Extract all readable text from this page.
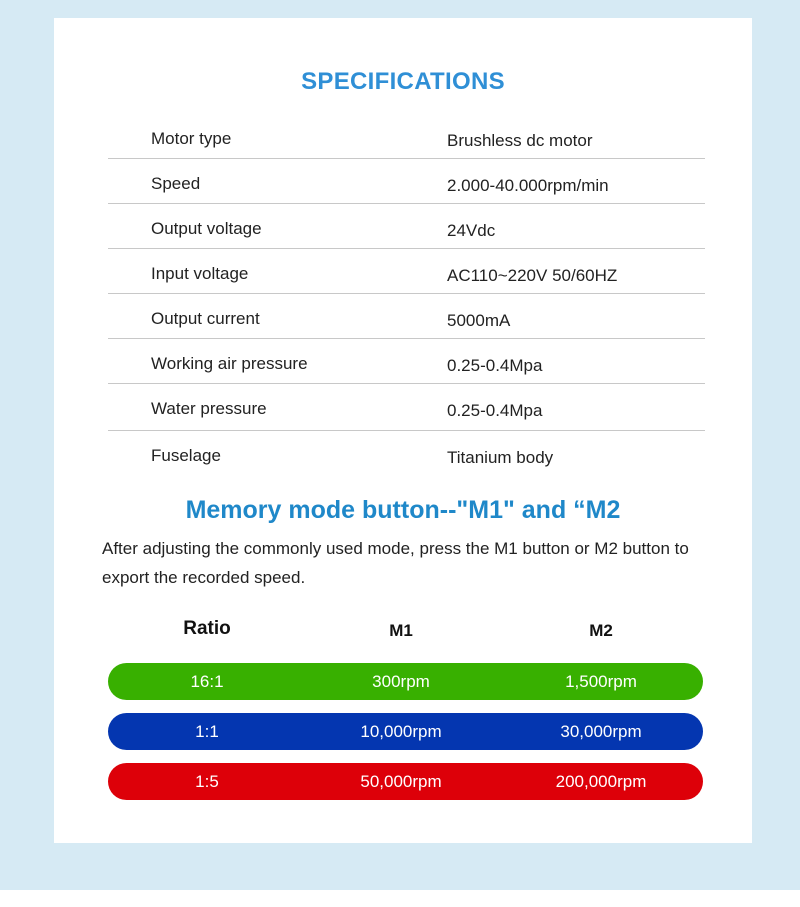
SPECIFICATIONS
Motor type	Brushless dc motor
Speed	2.000-40.000rpm/min
Output voltage	24Vdc
Input voltage	AC110~220V 50/60HZ
Output current	5000mA
Working air pressure	0.25-0.4Mpa
Water pressure	0.25-0.4Mpa
Fuselage	Titanium body
Memory mode button--"M1" and “M2

After adjusting the commonly used mode, press the M1 button or M2 button to export the recorded speed.

Ratio	M1	M2
16:1	300rpm	1,500rpm
1:1	10,000rpm	30,000rpm
1:5	50,000rpm	200,000rpm
